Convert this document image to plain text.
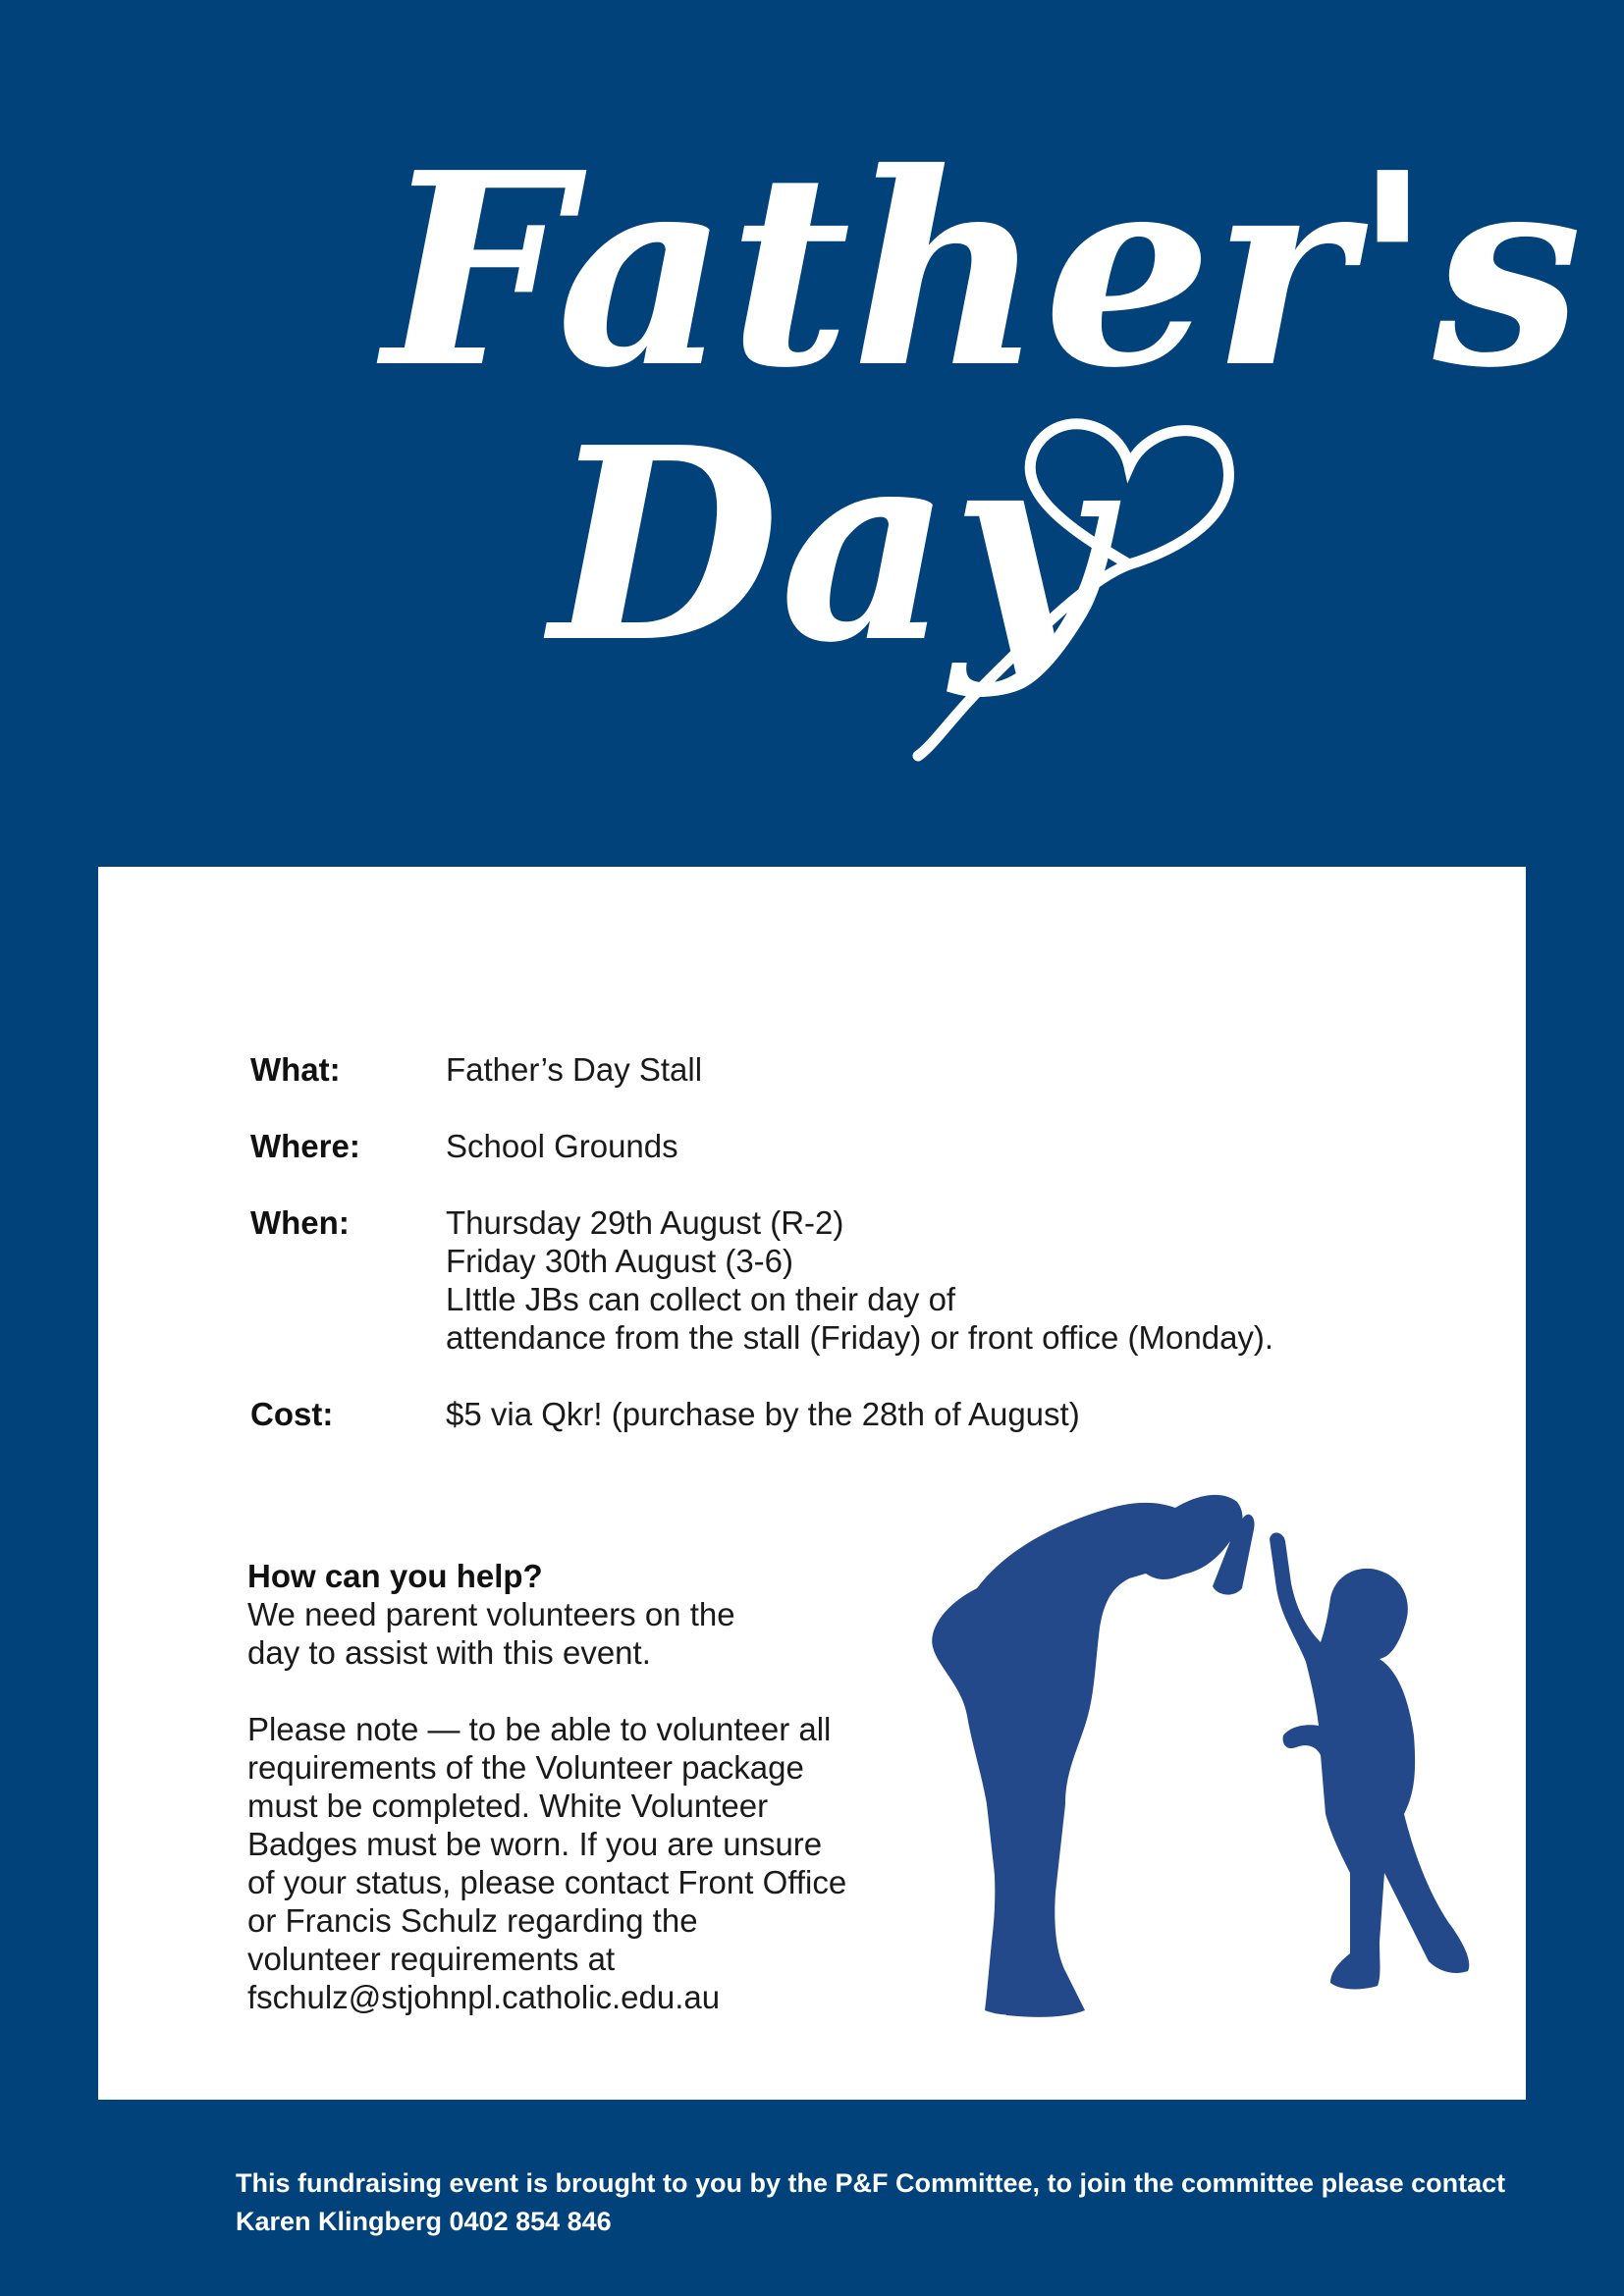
Father's
Day
What:	Father’s Day Stall
Where:	School Grounds
When:	Thursday 29th August (R-2)
Friday 30th August (3-6)
LIttle JBs can collect on their day of
attendance from the stall (Friday) or front office (Monday).
Cost:	$5 via Qkr! (purchase by the 28th of August)

How can you help?

We need parent volunteers on the

day to assist with this event.

Please note — to be able to volunteer all

requirements of the Volunteer package

must be completed. White Volunteer

Badges must be worn. If you are unsure

of your status, please contact Front Office

or Francis Schulz regarding the

volunteer requirements at

fschulz@stjohnpl.catholic.edu.au

This fundraising event is brought to you by the P&F Committee, to join the committee please contact
Karen Klingberg 0402 854 846
